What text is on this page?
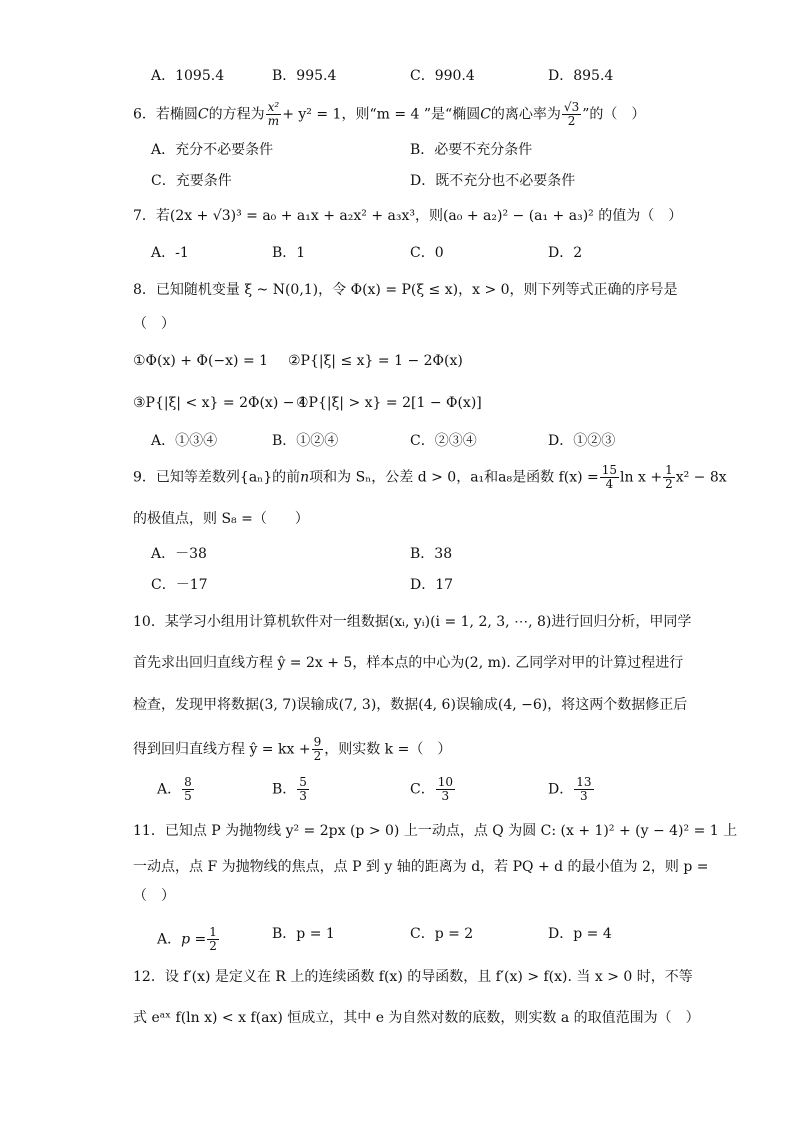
A．1095.4	B．995.4	C．990.4	D．895.4
6．若椭圆C的方程为 $\frac{\text{x²}}{m} + y^2 = 1$，则“m = 4 ”是“椭圆C的离心率为 $\frac{√3}{2}$ ”的（　）
A．充分不必要条件	B．必要不充分条件
C．充要条件	D．既不充分也不必要条件
7．若(2x + √3)³ = a₀ + a₁x + a₂x² + a₃x³，则(a₀ + a₂)² − (a₁ + a₃)² 的值为（　）
A．-1	B．1	C．0	D．2
8．已知随机变量 ξ ~ N(0,1)，令 Φ(x) = P(ξ ≤ x)，x > 0，则下列等式正确的序号是
（　）
①Φ(x) + Φ(−x) = 1 ②P{|ξ| ≤ x} = 1 − 2Φ(x)
③P{|ξ| < x} = 2Φ(x) − 1
④P{|ξ| > x} = 2[1 − Φ(x)]
A．①③④	B．①②④	C．②③④	D．①②③
9．已知等差数列{aₙ}的前n项和为 Sₙ，公差 d > 0，a₁和a₈是函数 $f(x) = \frac{15}{4}$ $\ln x + \frac{1}{2} x^2 - 8x$
的极值点，则 S₈ =（　　）
A．－38	B．38
C．－17	D．17
10．某学习小组用计算机软件对一组数据(xᵢ, yᵢ)(i = 1, 2, 3, ⋯, 8)进行回归分析，甲同学
首先求出回归直线方程 ŷ = 2x + 5，样本点的中心为(2, m). 乙同学对甲的计算过程进行
检查，发现甲将数据(3, 7)误输成(7, 3)，数据(4, 6)误输成(4, −6)，将这两个数据修正后
得到回归直线方程 ŷ = kx + $\frac{9}{2}$ ，则实数 k =（　）
A． $\frac{8}{5}$	B． $\frac{5}{3}$	C． $\frac{10}{3}$	D． $\frac{13}{3}$
11．已知点 P 为抛物线 y² = 2px (p > 0) 上一动点，点 Q 为圆 C: (x + 1)² + (y − 4)² = 1 上
一动点，点 F 为抛物线的焦点，点 P 到 y 轴的距离为 d，若 PQ + d 的最小值为 2，则 p =
（　）
A．$p = \frac{1}{2}$	B．p = 1	C．p = 2	D．p = 4
12．设 f′(x) 是定义在 R 上的连续函数 f(x) 的导函数，且 f′(x) > f(x). 当 x > 0 时，不等
式 eᵃˣ f(ln x) < x f(ax) 恒成立，其中 e 为自然对数的底数，则实数 a 的取值范围为（　）
